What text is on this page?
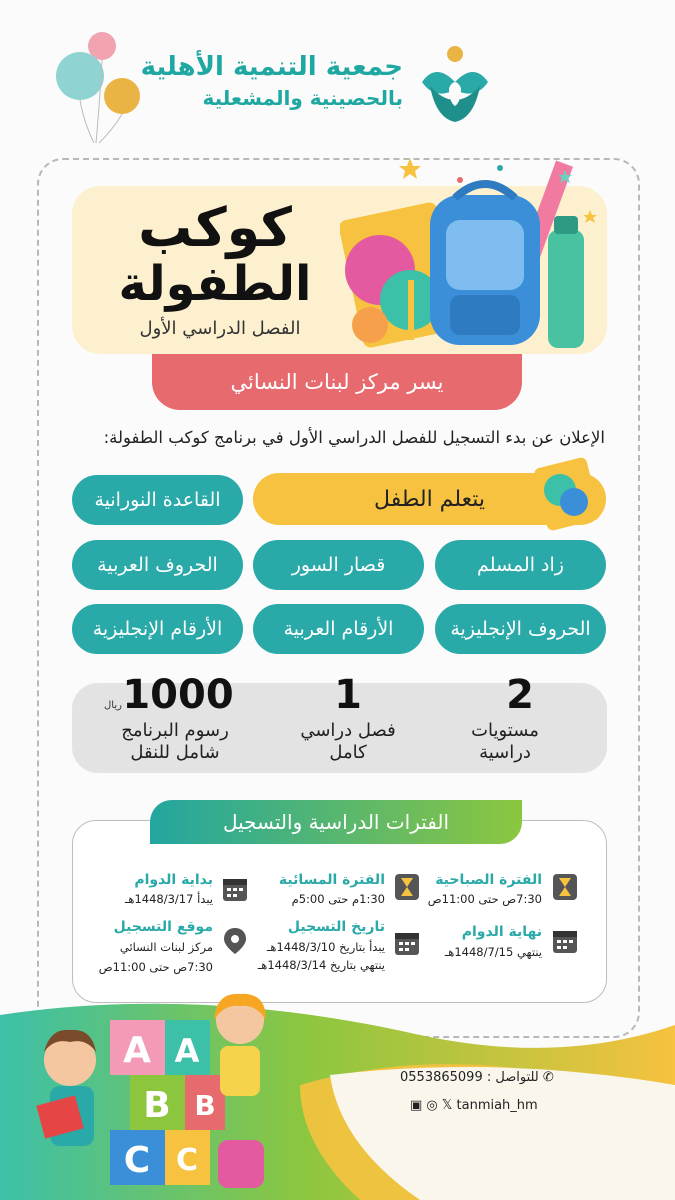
جمعية التنمية الأهلية
بالحصينية والمشعلية
كوكب
الطفولة
الفصل الدراسي الأول
يسر مركز لبنات النسائي
الإعلان عن بدء التسجيل للفصل الدراسي الأول في برنامج كوكب الطفولة:
يتعلم الطفل
القاعدة النورانية
زاد المسلم
قصار السور
الحروف العربية
الحروف الإنجليزية
الأرقام العربية
الأرقام الإنجليزية
2
مستويات
دراسية
1
فصل دراسي
كامل
1000
ريال
رسوم البرنامج
شامل للنقل
الفترات الدراسية والتسجيل
الفترة الصباحية
7:30ص حتى 11:00ص
نهاية الدوام
ينتهي 1448/7/15هـ
الفترة المسائية
1:30م حتى 5:00م
تاريخ التسجيل
يبدأ بتاريخ 1448/3/10هـ
ينتهي بتاريخ 1448/3/14هـ
بداية الدوام
يبدأ 1448/3/17هـ
موقع التسجيل
مركز لبنات النسائي
7:30ص حتى 11:00ص
A A
B B
C C
✆ للتواصل : 0553865099
▣ ◎ 𝕏 tanmiah_hm
